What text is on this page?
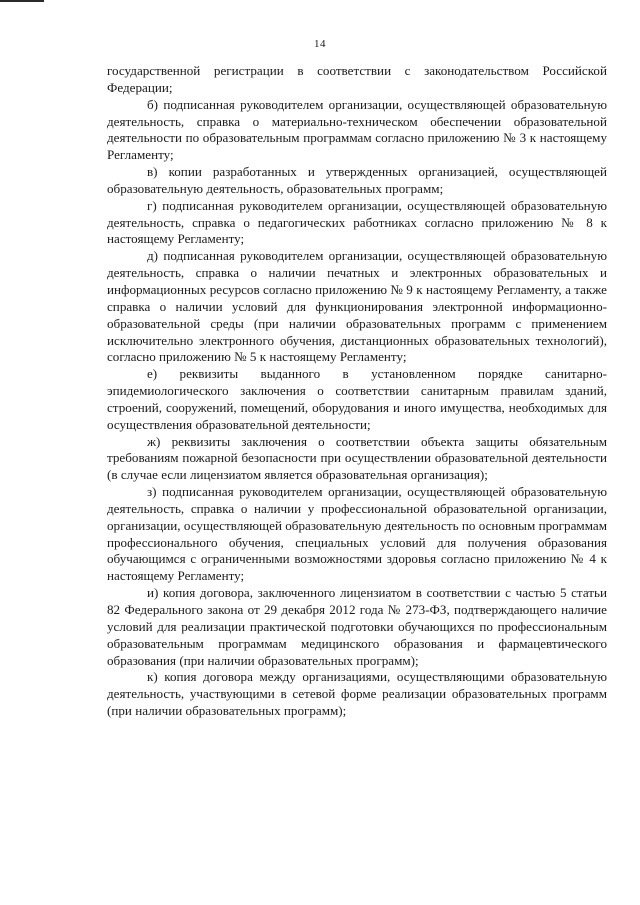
14

государственной регистрации в соответствии с законодательством Российской Федерации;

б) подписанная руководителем организации, осуществляющей образовательную деятельность, справка о материально-техническом обеспечении образовательной деятельности по образовательным программам согласно приложению № 3 к настоящему Регламенту;

в) копии разработанных и утвержденных организацией, осуществляющей образовательную деятельность, образовательных программ;

г) подписанная руководителем организации, осуществляющей образовательную деятельность, справка о педагогических работниках согласно приложению № 8 к настоящему Регламенту;

д) подписанная руководителем организации, осуществляющей образовательную деятельность, справка о наличии печатных и электронных образовательных и информационных ресурсов согласно приложению № 9 к настоящему Регламенту, а также справка о наличии условий для функционирования электронной информационно-образовательной среды (при наличии образовательных программ с применением исключительно электронного обучения, дистанционных образовательных технологий), согласно приложению № 5 к настоящему Регламенту;

е) реквизиты выданного в установленном порядке санитарно-эпидемиологического заключения о соответствии санитарным правилам зданий, строений, сооружений, помещений, оборудования и иного имущества, необходимых для осуществления образовательной деятельности;

ж) реквизиты заключения о соответствии объекта защиты обязательным требованиям пожарной безопасности при осуществлении образовательной деятельности (в случае если лицензиатом является образовательная организация);

з) подписанная руководителем организации, осуществляющей образовательную деятельность, справка о наличии у профессиональной образовательной организации, организации, осуществляющей образовательную деятельность по основным программам профессионального обучения, специальных условий для получения образования обучающимся с ограниченными возможностями здоровья согласно приложению № 4 к настоящему Регламенту;

и) копия договора, заключенного лицензиатом в соответствии с частью 5 статьи 82 Федерального закона от 29 декабря 2012 года № 273-ФЗ, подтверждающего наличие условий для реализации практической подготовки обучающихся по профессиональным образовательным программам медицинского образования и фармацевтического образования (при наличии образовательных программ);

к) копия договора между организациями, осуществляющими образовательную деятельность, участвующими в сетевой форме реализации образовательных программ (при наличии образовательных программ);
